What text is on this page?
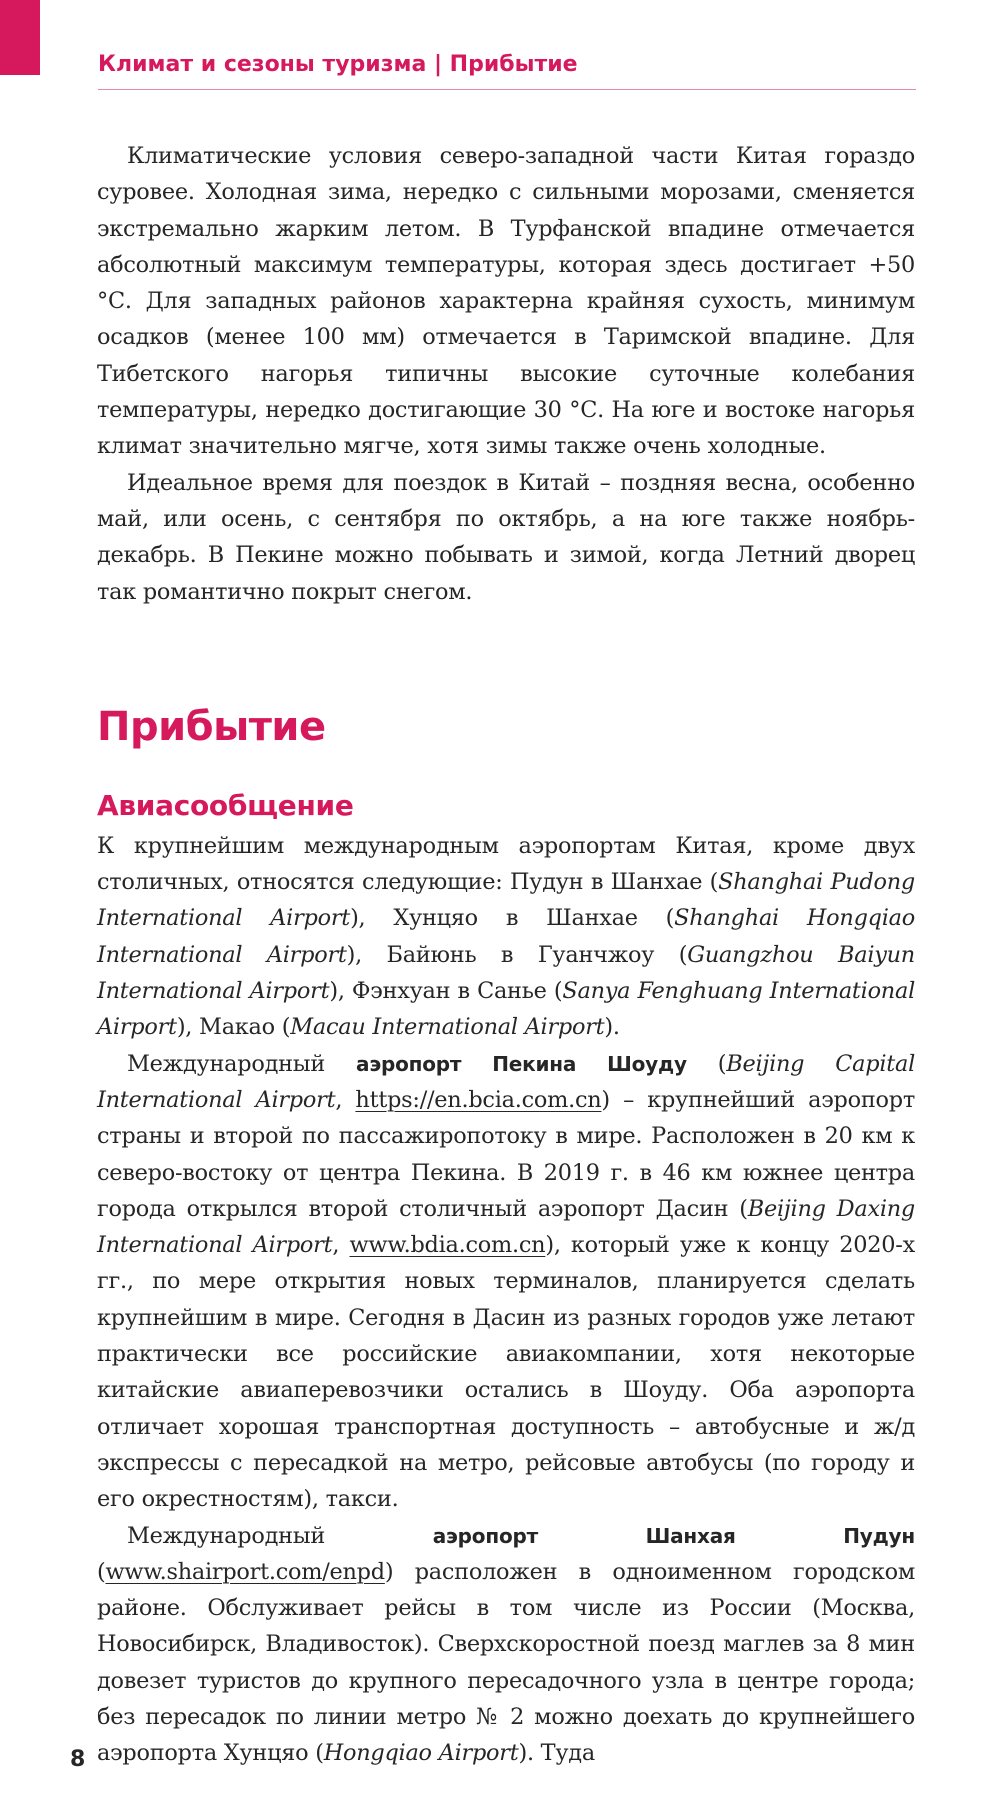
Климат и сезоны туризма | Прибытие

Климатические условия северо-западной части Китая гораздо суровее. Холодная зима, нередко с сильными морозами, сменяется экстремально жарким летом. В Турфанской впадине отмечается абсолютный максимум температуры, которая здесь достигает +50 °С. Для западных районов характерна крайняя сухость, минимум осадков (менее 100 мм) отмечается в Таримской впадине. Для Тибетского нагорья типичны высокие суточные колебания температуры, нередко достигающие 30 °С. На юге и востоке нагорья климат значительно мягче, хотя зимы также очень холодные.

Идеальное время для поездок в Китай – поздняя весна, особенно май, или осень, с сентября по октябрь, а на юге также ноябрь-декабрь. В Пекине можно побывать и зимой, когда Летний дворец так романтично покрыт снегом.

Прибытие
Авиасообщение

К крупнейшим международным аэропортам Китая, кроме двух столичных, относятся следующие: Пудун в Шанхае (Shanghai Pudong International Airport), Хунцяо в Шанхае (Shanghai Hongqiao International Airport), Байюнь в Гуанчжоу (Guangzhou Baiyun International Airport), Фэнхуан в Санье (Sanya Fenghuang International Airport), Макао (Macau International Airport).

Международный аэропорт Пекина Шоуду (Beijing Capital International Airport, https://en.bcia.com.cn) – крупнейший аэропорт страны и второй по пассажиропотоку в мире. Расположен в 20 км к северо-востоку от центра Пекина. В 2019 г. в 46 км южнее центра города открылся второй столичный аэропорт Дасин (Beijing Daxing International Airport, www.bdia.com.cn), который уже к концу 2020-х гг., по мере открытия новых терминалов, планируется сделать крупнейшим в мире. Сегодня в Дасин из разных городов уже летают практически все российские авиакомпании, хотя некоторые китайские авиаперевозчики остались в Шоуду. Оба аэропорта отличает хорошая транспортная доступность – автобусные и ж/д экспрессы с пересадкой на метро, рейсовые автобусы (по городу и его окрестностям), такси.

Международный аэропорт Шанхая Пудун (www.shairport.com/enpd) расположен в одноименном городском районе. Обслуживает рейсы в том числе из России (Москва, Новосибирск, Владивосток). Сверхскоростной поезд маглев за 8 мин довезет туристов до крупного пересадочного узла в центре города; без пересадок по линии метро № 2 можно доехать до крупнейшего аэропорта Хунцяо (Hongqiao Airport). Туда

8
